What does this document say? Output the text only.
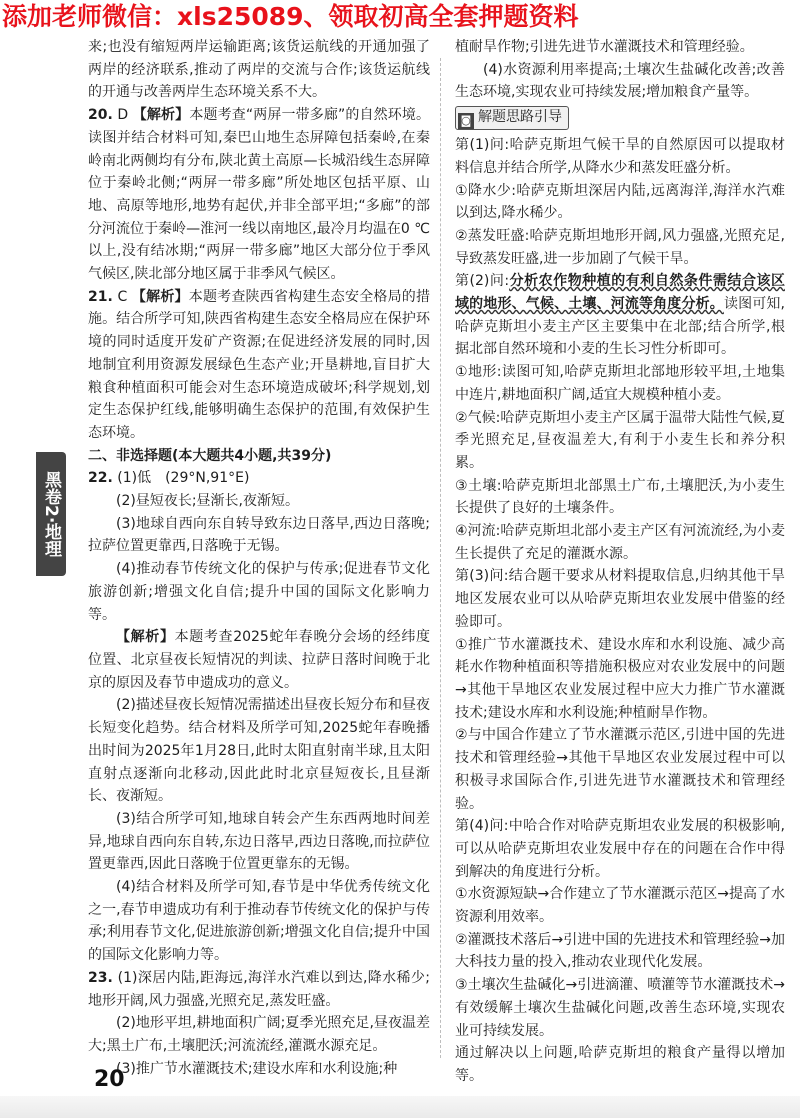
添加老师微信：xls25089、领取初高全套押题资料
黑卷2·地理

来;也没有缩短两岸运输距离;该货运航线的开通加强了两岸的经济联系,推动了两岸的交流与合作;该货运航线的开通与改善两岸生态环境关系不大。

20. D 【解析】本题考查“两屏一带多廊”的自然环境。读图并结合材料可知,秦巴山地生态屏障包括秦岭,在秦岭南北两侧均有分布,陕北黄土高原—长城沿线生态屏障位于秦岭北侧;“两屏一带多廊”所处地区包括平原、山地、高原等地形,地势有起伏,并非全部平坦;“多廊”的部分河流位于秦岭—淮河一线以南地区,最冷月均温在0 ℃以上,没有结冰期;“两屏一带多廊”地区大部分位于季风气候区,陕北部分地区属于非季风气候区。

21. C 【解析】本题考查陕西省构建生态安全格局的措施。结合所学可知,陕西省构建生态安全格局应在保护环境的同时适度开发矿产资源;在促进经济发展的同时,因地制宜利用资源发展绿色生态产业;开垦耕地,盲目扩大粮食种植面积可能会对生态环境造成破坏;科学规划,划定生态保护红线,能够明确生态保护的范围,有效保护生态环境。

二、非选择题(本大题共4小题,共39分)

22. (1)低　(29°N,91°E)

(2)昼短夜长;昼渐长,夜渐短。

(3)地球自西向东自转导致东边日落早,西边日落晚;拉萨位置更靠西,日落晚于无锡。

(4)推动春节传统文化的保护与传承;促进春节文化旅游创新;增强文化自信;提升中国的国际文化影响力等。

【解析】本题考查2025蛇年春晚分会场的经纬度位置、北京昼夜长短情况的判读、拉萨日落时间晚于北京的原因及春节申遗成功的意义。

(2)描述昼夜长短情况需描述出昼夜长短分布和昼夜长短变化趋势。结合材料及所学可知,2025蛇年春晚播出时间为2025年1月28日,此时太阳直射南半球,且太阳直射点逐渐向北移动,因此此时北京昼短夜长,且昼渐长、夜渐短。

(3)结合所学可知,地球自转会产生东西两地时间差异,地球自西向东自转,东边日落早,西边日落晚,而拉萨位置更靠西,因此日落晚于位置更靠东的无锡。

(4)结合材料及所学可知,春节是中华优秀传统文化之一,春节申遗成功有利于推动春节传统文化的保护与传承;利用春节文化,促进旅游创新;增强文化自信;提升中国的国际文化影响力等。

23. (1)深居内陆,距海远,海洋水汽难以到达,降水稀少;地形开阔,风力强盛,光照充足,蒸发旺盛。

(2)地形平坦,耕地面积广阔;夏季光照充足,昼夜温差大;黑土广布,土壤肥沃;河流流经,灌溉水源充足。

(3)推广节水灌溉技术;建设水库和水利设施;种

植耐旱作物;引进先进节水灌溉技术和管理经验。

(4)水资源利用率提高;土壤次生盐碱化改善;改善生态环境,实现农业可持续发展;增加粮食产量等。

◙ 解题思路引导

第(1)问:哈萨克斯坦气候干旱的自然原因可以提取材料信息并结合所学,从降水少和蒸发旺盛分析。

①降水少:哈萨克斯坦深居内陆,远离海洋,海洋水汽难以到达,降水稀少。

②蒸发旺盛:哈萨克斯坦地形开阔,风力强盛,光照充足,导致蒸发旺盛,进一步加剧了气候干旱。

第(2)问:分析农作物种植的有利自然条件需结合该区域的地形、气候、土壤、河流等角度分析。读图可知,哈萨克斯坦小麦主产区主要集中在北部;结合所学,根据北部自然环境和小麦的生长习性分析即可。

①地形:读图可知,哈萨克斯坦北部地形较平坦,土地集中连片,耕地面积广阔,适宜大规模种植小麦。

②气候:哈萨克斯坦小麦主产区属于温带大陆性气候,夏季光照充足,昼夜温差大,有利于小麦生长和养分积累。

③土壤:哈萨克斯坦北部黑土广布,土壤肥沃,为小麦生长提供了良好的土壤条件。

④河流:哈萨克斯坦北部小麦主产区有河流流经,为小麦生长提供了充足的灌溉水源。

第(3)问:结合题干要求从材料提取信息,归纳其他干旱地区发展农业可以从哈萨克斯坦农业发展中借鉴的经验即可。

①推广节水灌溉技术、建设水库和水利设施、减少高耗水作物种植面积等措施积极应对农业发展中的问题→其他干旱地区农业发展过程中应大力推广节水灌溉技术;建设水库和水利设施;种植耐旱作物。

②与中国合作建立了节水灌溉示范区,引进中国的先进技术和管理经验→其他干旱地区农业发展过程中可以积极寻求国际合作,引进先进节水灌溉技术和管理经验。

第(4)问:中哈合作对哈萨克斯坦农业发展的积极影响,可以从哈萨克斯坦农业发展中存在的问题在合作中得到解决的角度进行分析。

①水资源短缺→合作建立了节水灌溉示范区→提高了水资源利用效率。

②灌溉技术落后→引进中国的先进技术和管理经验→加大科技力量的投入,推动农业现代化发展。

③土壤次生盐碱化→引进滴灌、喷灌等节水灌溉技术→有效缓解土壤次生盐碱化问题,改善生态环境,实现农业可持续发展。

通过解决以上问题,哈萨克斯坦的粮食产量得以增加等。

20
